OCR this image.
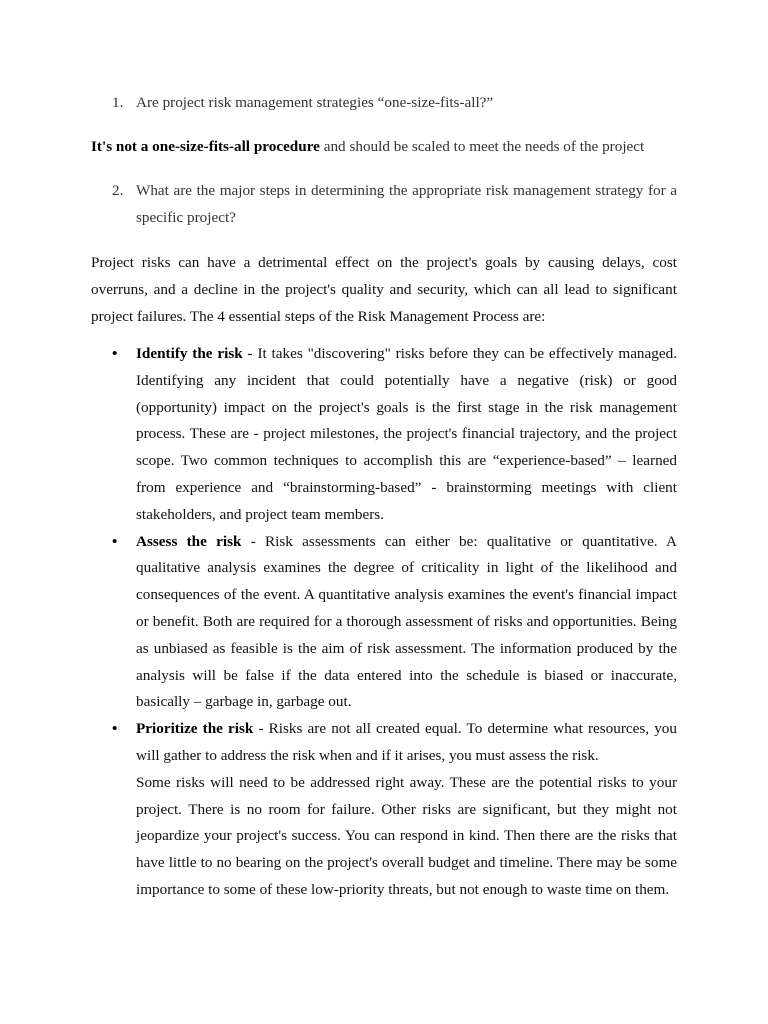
1. Are project risk management strategies “one-size-fits-all?”
It's not a one-size-fits-all procedure and should be scaled to meet the needs of the project
2. What are the major steps in determining the appropriate risk management strategy for a specific project?
Project risks can have a detrimental effect on the project's goals by causing delays, cost overruns, and a decline in the project's quality and security, which can all lead to significant project failures. The 4 essential steps of the Risk Management Process are:
• Identify the risk - It takes "discovering" risks before they can be effectively managed. Identifying any incident that could potentially have a negative (risk) or good (opportunity) impact on the project's goals is the first stage in the risk management process. These are - project milestones, the project's financial trajectory, and the project scope. Two common techniques to accomplish this are “experience-based” – learned from experience and “brainstorming-based” - brainstorming meetings with client stakeholders, and project team members.
• Assess the risk - Risk assessments can either be: qualitative or quantitative. A qualitative analysis examines the degree of criticality in light of the likelihood and consequences of the event. A quantitative analysis examines the event's financial impact or benefit. Both are required for a thorough assessment of risks and opportunities. Being as unbiased as feasible is the aim of risk assessment. The information produced by the analysis will be false if the data entered into the schedule is biased or inaccurate, basically – garbage in, garbage out.
• Prioritize the risk - Risks are not all created equal. To determine what resources, you will gather to address the risk when and if it arises, you must assess the risk.

Some risks will need to be addressed right away. These are the potential risks to your project. There is no room for failure. Other risks are significant, but they might not jeopardize your project's success. You can respond in kind. Then there are the risks that have little to no bearing on the project's overall budget and timeline. There may be some importance to some of these low-priority threats, but not enough to waste time on them.
